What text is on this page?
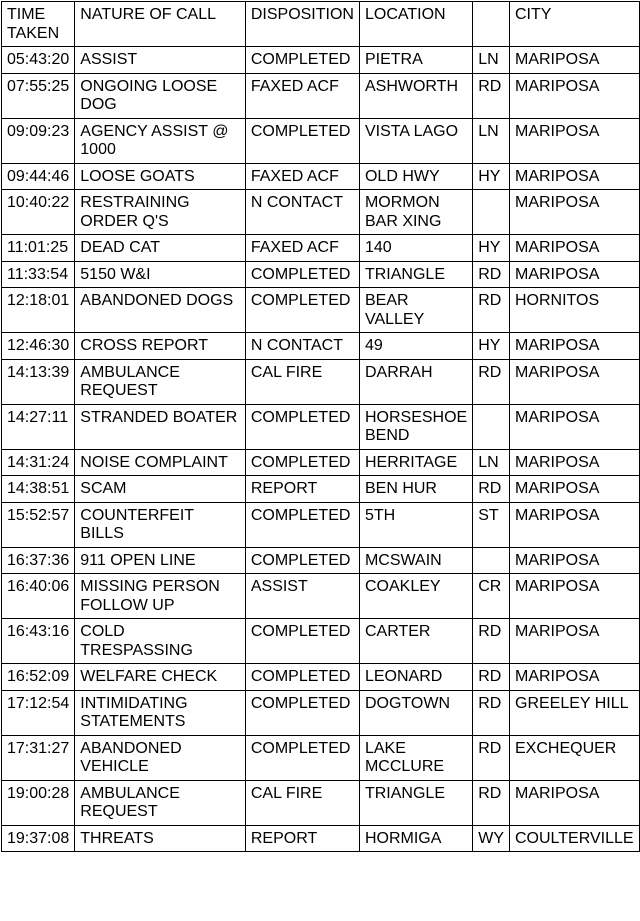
TIME TAKEN	NATURE OF CALL	DISPOSITION	LOCATION		CITY
05:43:20	ASSIST	COMPLETED	PIETRA	LN	MARIPOSA
07:55:25	ONGOING LOOSE DOG	FAXED ACF	ASHWORTH	RD	MARIPOSA
09:09:23	AGENCY ASSIST @ 1000	COMPLETED	VISTA LAGO	LN	MARIPOSA
09:44:46	LOOSE GOATS	FAXED ACF	OLD HWY	HY	MARIPOSA
10:40:22	RESTRAINING ORDER Q'S	N CONTACT	MORMON BAR XING		MARIPOSA
11:01:25	DEAD CAT	FAXED ACF	140	HY	MARIPOSA
11:33:54	5150 W&I	COMPLETED	TRIANGLE	RD	MARIPOSA
12:18:01	ABANDONED DOGS	COMPLETED	BEAR VALLEY	RD	HORNITOS
12:46:30	CROSS REPORT	N CONTACT	49	HY	MARIPOSA
14:13:39	AMBULANCE REQUEST	CAL FIRE	DARRAH	RD	MARIPOSA
14:27:11	STRANDED BOATER	COMPLETED	HORSESHOE BEND		MARIPOSA
14:31:24	NOISE COMPLAINT	COMPLETED	HERRITAGE	LN	MARIPOSA
14:38:51	SCAM	REPORT	BEN HUR	RD	MARIPOSA
15:52:57	COUNTERFEIT BILLS	COMPLETED	5TH	ST	MARIPOSA
16:37:36	911 OPEN LINE	COMPLETED	MCSWAIN		MARIPOSA
16:40:06	MISSING PERSON FOLLOW UP	ASSIST	COAKLEY	CR	MARIPOSA
16:43:16	COLD TRESPASSING	COMPLETED	CARTER	RD	MARIPOSA
16:52:09	WELFARE CHECK	COMPLETED	LEONARD	RD	MARIPOSA
17:12:54	INTIMIDATING STATEMENTS	COMPLETED	DOGTOWN	RD	GREELEY HILL
17:31:27	ABANDONED VEHICLE	COMPLETED	LAKE MCCLURE	RD	EXCHEQUER
19:00:28	AMBULANCE REQUEST	CAL FIRE	TRIANGLE	RD	MARIPOSA
19:37:08	THREATS	REPORT	HORMIGA	WY	COULTERVILLE
